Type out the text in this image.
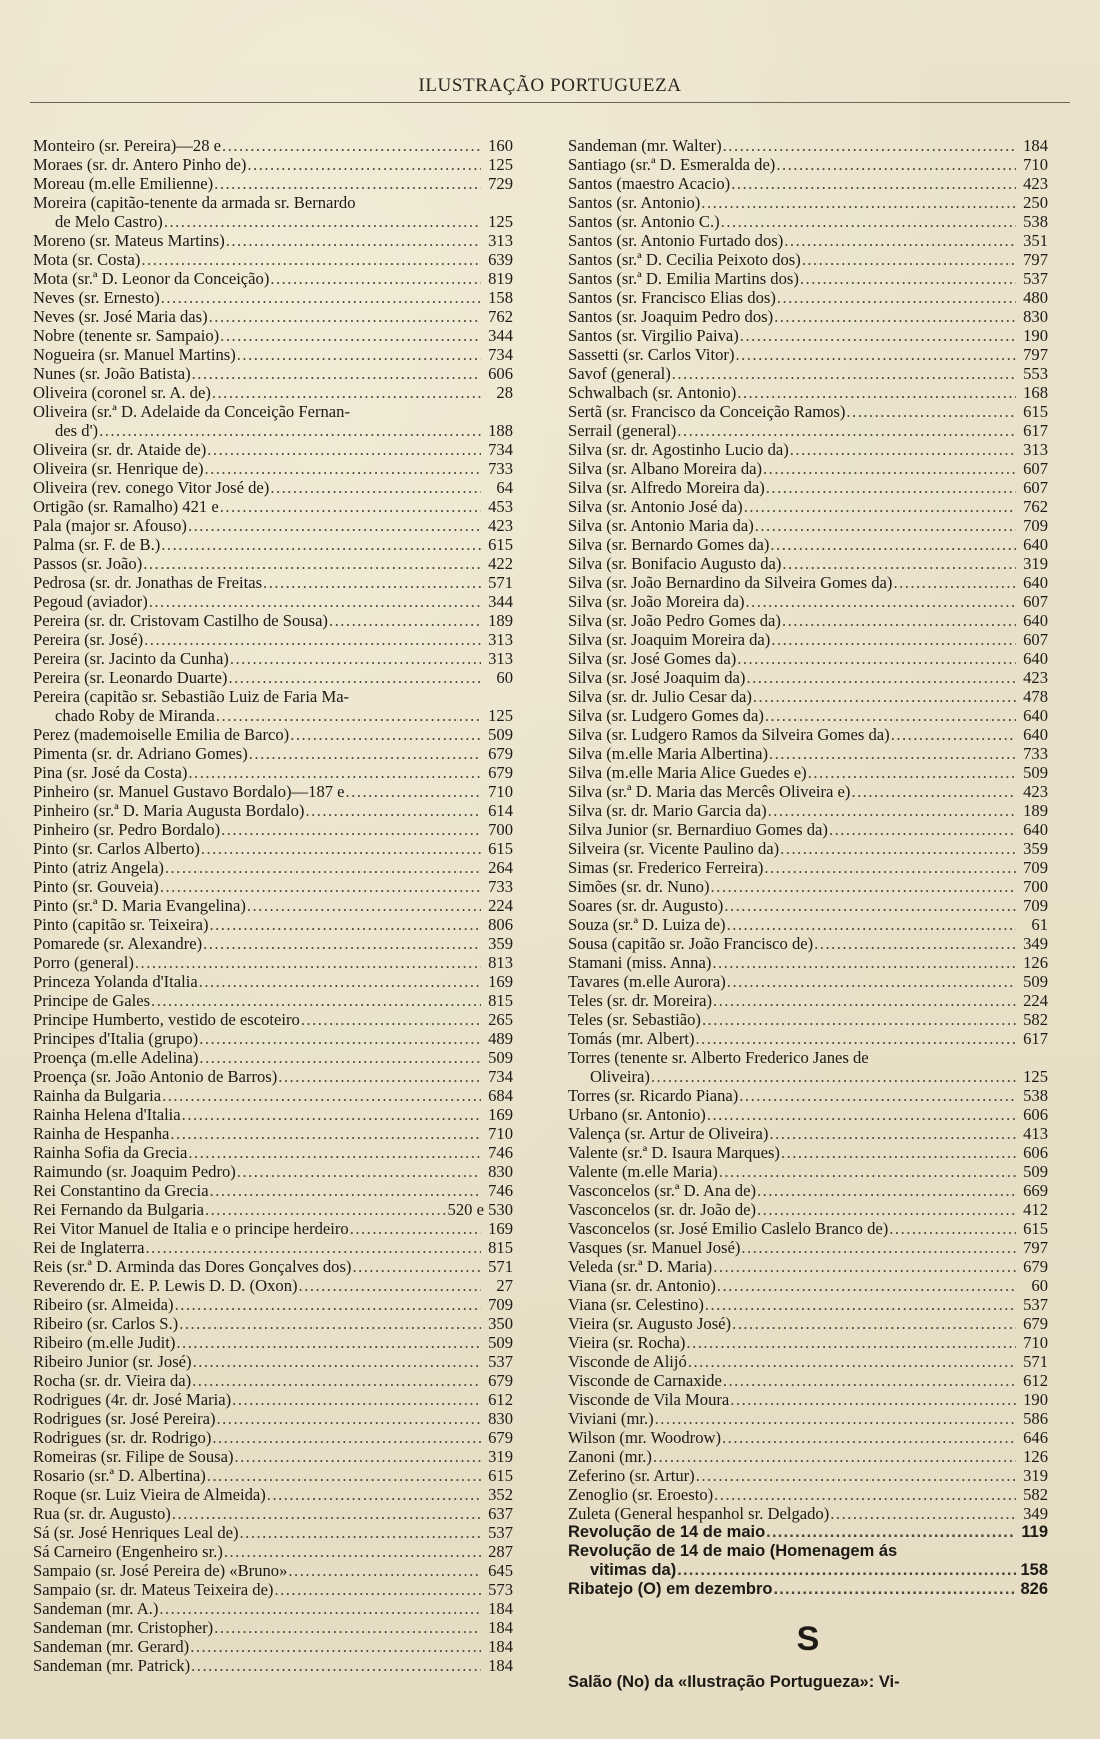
ILUSTRAÇÃO PORTUGUEZA
Monteiro (sr. Pereira)—28 e .....	160
Moraes (sr. dr. Antero Pinho de) .....	125
Moreau (m.elle Emilienne) .....	729
Moreira (capitão-tenente da armada sr. Bernardo
de Melo Castro) .....	125
Moreno (sr. Mateus Martins) .....	313
Mota (sr. Costa) .....	639
Mota (sr.ª D. Leonor da Conceição) .....	819
Neves (sr. Ernesto) .....	158
Neves (sr. José Maria das) .....	762
Nobre (tenente sr. Sampaio) .....	344
Nogueira (sr. Manuel Martins) .....	734
Nunes (sr. João Batista) .....	606
Oliveira (coronel sr. A. de) .....	28
Oliveira (sr.ª D. Adelaide da Conceição Fernan-
des d') .....	188
Oliveira (sr. dr. Ataide de) .....	734
Oliveira (sr. Henrique de) .....	733
Oliveira (rev. conego Vitor José de) .....	64
Ortigão (sr. Ramalho) 421 e .....	453
Pala (major sr. Afouso) .....	423
Palma (sr. F. de B.) .....	615
Passos (sr. João) .....	422
Pedrosa (sr. dr. Jonathas de Freitas .....	571
Pegoud (aviador) .....	344
Pereira (sr. dr. Cristovam Castilho de Sousa) .....	189
Pereira (sr. José) .....	313
Pereira (sr. Jacinto da Cunha) .....	313
Pereira (sr. Leonardo Duarte) .....	60
Pereira (capitão sr. Sebastião Luiz de Faria Ma-
chado Roby de Miranda .....	125
Perez (mademoiselle Emilia de Barco) .....	509
Pimenta (sr. dr. Adriano Gomes) .....	679
Pina (sr. José da Costa) .....	679
Pinheiro (sr. Manuel Gustavo Bordalo)—187 e .....	710
Pinheiro (sr.ª D. Maria Augusta Bordalo) .....	614
Pinheiro (sr. Pedro Bordalo) .....	700
Pinto (sr. Carlos Alberto) .....	615
Pinto (atriz Angela) .....	264
Pinto (sr. Gouveia) .....	733
Pinto (sr.ª D. Maria Evangelina) .....	224
Pinto (capitão sr. Teixeira) .....	806
Pomarede (sr. Alexandre) .....	359
Porro (general) .....	813
Princeza Yolanda d'Italia .....	169
Principe de Gales .....	815
Principe Humberto, vestido de escoteiro .....	265
Principes d'Italia (grupo) .....	489
Proença (m.elle Adelina) .....	509
Proença (sr. João Antonio de Barros) .....	734
Rainha da Bulgaria .....	684
Rainha Helena d'Italia .....	169
Rainha de Hespanha .....	710
Rainha Sofia da Grecia .....	746
Raimundo (sr. Joaquim Pedro) .....	830
Rei Constantino da Grecia .....	746
Rei Fernando da Bulgaria .....	520 e 530
Rei Vitor Manuel de Italia e o principe herdeiro .....	169
Rei de Inglaterra .....	815
Reis (sr.ª D. Arminda das Dores Gonçalves dos) .....	571
Reverendo dr. E. P. Lewis D. D. (Oxon) .....	27
Ribeiro (sr. Almeida) .....	709
Ribeiro (sr. Carlos S.) .....	350
Ribeiro (m.elle Judit) .....	509
Ribeiro Junior (sr. José) .....	537
Rocha (sr. dr. Vieira da) .....	679
Rodrigues (4r. dr. José Maria) .....	612
Rodrigues (sr. José Pereira) .....	830
Rodrigues (sr. dr. Rodrigo) .....	679
Romeiras (sr. Filipe de Sousa) .....	319
Rosario (sr.ª D. Albertina) .....	615
Roque (sr. Luiz Vieira de Almeida) .....	352
Rua (sr. dr. Augusto) .....	637
Sá (sr. José Henriques Leal de) .....	537
Sá Carneiro (Engenheiro sr.) .....	287
Sampaio (sr. José Pereira de) «Bruno» .....	645
Sampaio (sr. dr. Mateus Teixeira de) .....	573
Sandeman (mr. A.) .....	184
Sandeman (mr. Cristopher) .....	184
Sandeman (mr. Gerard) .....	184
Sandeman (mr. Patrick) .....	184
Sandeman (mr. Walter) .....	184
Santiago (sr.ª D. Esmeralda de) .....	710
Santos (maestro Acacio) .....	423
Santos (sr. Antonio) .....	250
Santos (sr. Antonio C.) .....	538
Santos (sr. Antonio Furtado dos) .....	351
Santos (sr.ª D. Cecilia Peixoto dos) .....	797
Santos (sr.ª D. Emilia Martins dos) .....	537
Santos (sr. Francisco Elias dos) .....	480
Santos (sr. Joaquim Pedro dos) .....	830
Santos (sr. Virgilio Paiva) .....	190
Sassetti (sr. Carlos Vitor) .....	797
Savof (general) .....	553
Schwalbach (sr. Antonio) .....	168
Sertã (sr. Francisco da Conceição Ramos) .....	615
Serrail (general) .....	617
Silva (sr. dr. Agostinho Lucio da) .....	313
Silva (sr. Albano Moreira da) .....	607
Silva (sr. Alfredo Moreira da) .....	607
Silva (sr. Antonio José da) .....	762
Silva (sr. Antonio Maria da) .....	709
Silva (sr. Bernardo Gomes da) .....	640
Silva (sr. Bonifacio Augusto da) .....	319
Silva (sr. João Bernardino da Silveira Gomes da) .....	640
Silva (sr. João Moreira da) .....	607
Silva (sr. João Pedro Gomes da) .....	640
Silva (sr. Joaquim Moreira da) .....	607
Silva (sr. José Gomes da) .....	640
Silva (sr. José Joaquim da) .....	423
Silva (sr. dr. Julio Cesar da) .....	478
Silva (sr. Ludgero Gomes da) .....	640
Silva (sr. Ludgero Ramos da Silveira Gomes da) .....	640
Silva (m.elle Maria Albertina) .....	733
Silva (m.elle Maria Alice Guedes e) .....	509
Silva (sr.ª D. Maria das Mercês Oliveira e) .....	423
Silva (sr. dr. Mario Garcia da) .....	189
Silva Junior (sr. Bernardiuo Gomes da) .....	640
Silveira (sr. Vicente Paulino da) .....	359
Simas (sr. Frederico Ferreira) .....	709
Simões (sr. dr. Nuno) .....	700
Soares (sr. dr. Augusto) .....	709
Souza (sr.ª D. Luiza de) .....	61
Sousa (capitão sr. João Francisco de) .....	349
Stamani (miss. Anna) .....	126
Tavares (m.elle Aurora) .....	509
Teles (sr. dr. Moreira) .....	224
Teles (sr. Sebastião) .....	582
Tomás (mr. Albert) .....	617
Torres (tenente sr. Alberto Frederico Janes de
Oliveira) .....	125
Torres (sr. Ricardo Piana) .....	538
Urbano (sr. Antonio) .....	606
Valença (sr. Artur de Oliveira) .....	413
Valente (sr.ª D. Isaura Marques) .....	606
Valente (m.elle Maria) .....	509
Vasconcelos (sr.ª D. Ana de) .....	669
Vasconcelos (sr. dr. João de) .....	412
Vasconcelos (sr. José Emilio Caslelo Branco de) .....	615
Vasques (sr. Manuel José) .....	797
Veleda (sr.ª D. Maria) .....	679
Viana (sr. dr. Antonio) .....	60
Viana (sr. Celestino) .....	537
Vieira (sr. Augusto José) .....	679
Vieira (sr. Rocha) .....	710
Visconde de Alijó .....	571
Visconde de Carnaxide .....	612
Visconde de Vila Moura .....	190
Viviani (mr.) .....	586
Wilson (mr. Woodrow) .....	646
Zanoni (mr.) .....	126
Zeferino (sr. Artur) .....	319
Zenoglio (sr. Eroesto) .....	582
Zuleta (General hespanhol sr. Delgado) .....	349
Revolução de 14 de maio .....	119
Revolução de 14 de maio (Homenagem ás
vitimas da) .....	158
Ribatejo (O) em dezembro .....	826
S
Salão (No) da «Ilustração Portugueza»: Vi-
